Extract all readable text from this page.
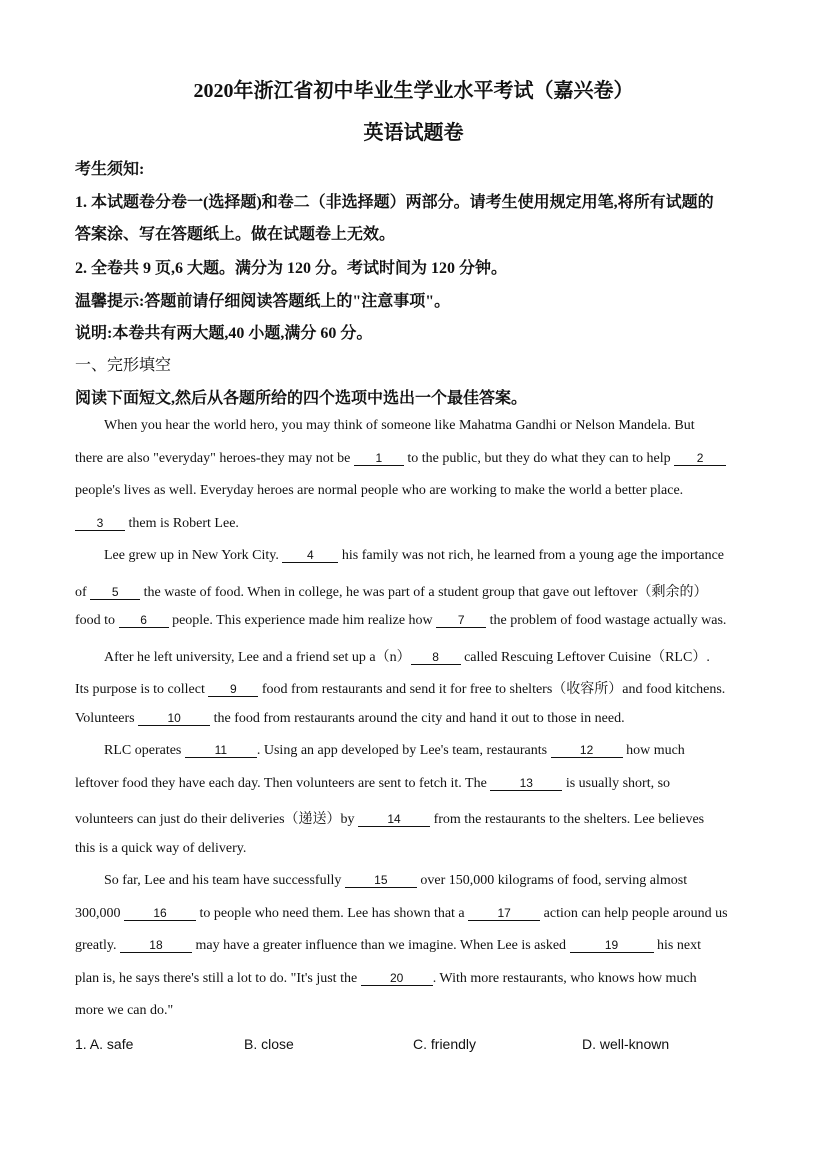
2020年浙江省初中毕业生学业水平考试（嘉兴卷）
英语试题卷
考生须知:
1. 本试题卷分卷一(选择题)和卷二（非选择题）两部分。请考生使用规定用笔,将所有试题的
答案涂、写在答题纸上。做在试题卷上无效。
2. 全卷共 9 页,6 大题。满分为 120 分。考试时间为 120 分钟。
温馨提示:答题前请仔细阅读答题纸上的"注意事项"。
说明:本卷共有两大题,40 小题,满分 60 分。
一、完形填空
阅读下面短文,然后从各题所给的四个选项中选出一个最佳答案。
When you hear the world hero, you may think of someone like Mahatma Gandhi or Nelson Mandela. But
there are also "everyday" heroes-they may not be 1 to the public, but they do what they can to help 2
people's lives as well. Everyday heroes are normal people who are working to make the world a better place.
3 them is Robert Lee.
Lee grew up in New York City. 4 his family was not rich, he learned from a young age the importance
of 5 the waste of food. When in college, he was part of a student group that gave out leftover（剩余的）
food to 6 people. This experience made him realize how 7 the problem of food wastage actually was.
After he left university, Lee and a friend set up a（n） 8 called Rescuing Leftover Cuisine（RLC）.
Its purpose is to collect 9 food from restaurants and send it for free to shelters（收容所）and food kitchens.
Volunteers 10 the food from restaurants around the city and hand it out to those in need.
RLC operates 11 . Using an app developed by Lee's team, restaurants 12 how much
leftover food they have each day. Then volunteers are sent to fetch it. The 13 is usually short, so
volunteers can just do their deliveries（递送）by 14 from the restaurants to the shelters. Lee believes
this is a quick way of delivery.
So far, Lee and his team have successfully 15 over 150,000 kilograms of food, serving almost
300,000 16 to people who need them. Lee has shown that a 17 action can help people around us
greatly. 18 may have a greater influence than we imagine. When Lee is asked	19	his next
plan is, he says there's still a lot to do. "It's just the 20 . With more restaurants, who knows how much
more we can do."
1. A. safe	B. close	C. friendly	D. well-known
